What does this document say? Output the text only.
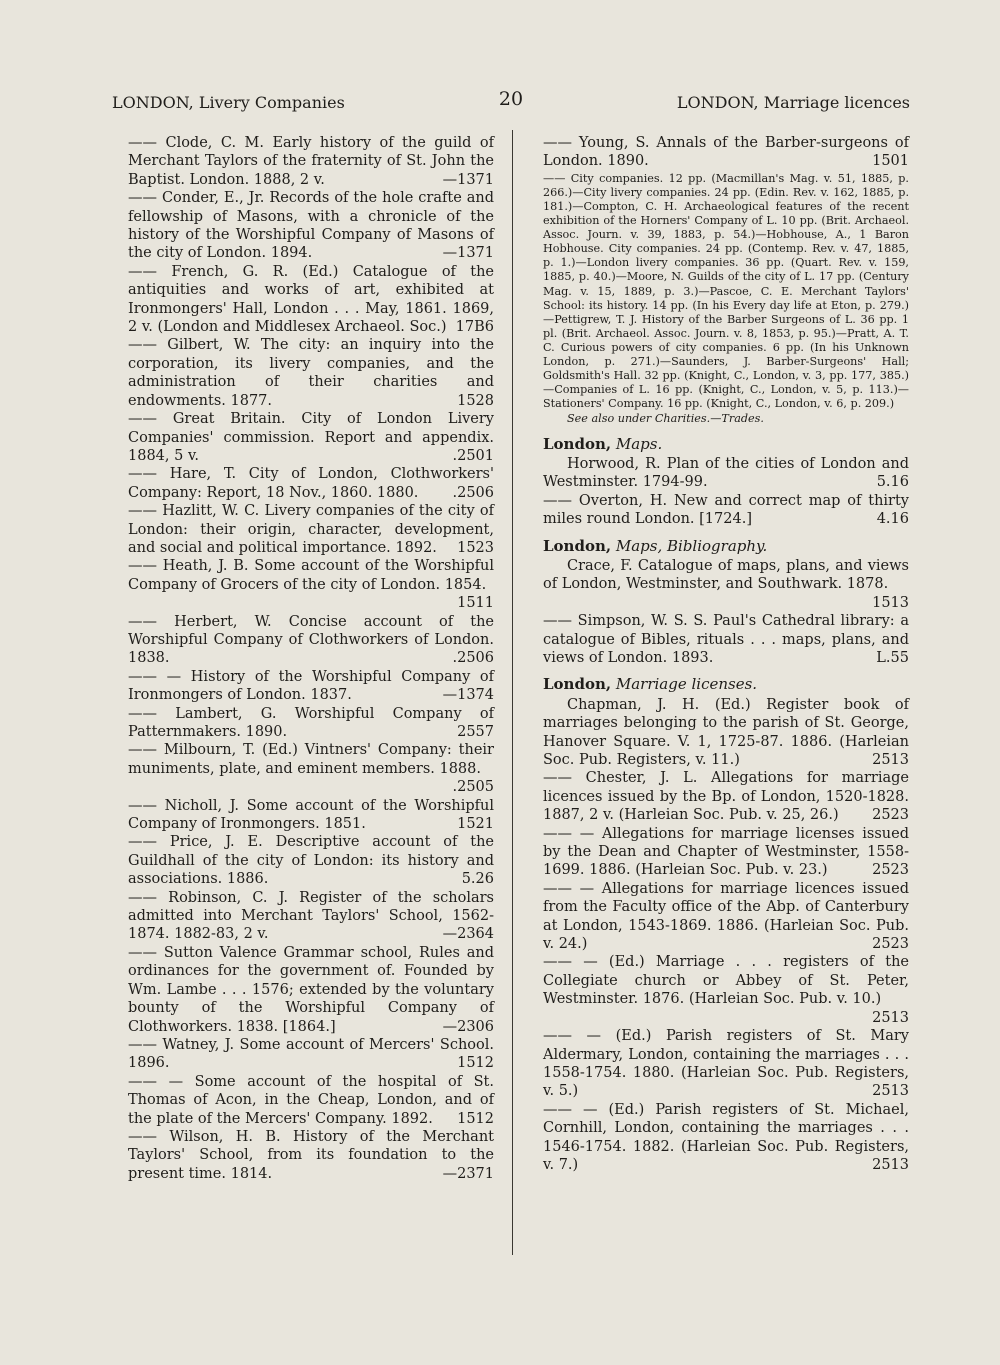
LONDON, Livery Companies	20	LONDON, Marriage licences
—— Clode, C. M. Early history of the guild of Merchant Taylors of the fraternity of St. John the Baptist. London. 1888, 2 v.	—1371
—— Conder, E., Jr. Records of the hole crafte and fellowship of Masons, with a chronicle of the history of the Worshipful Company of Masons of the city of London. 1894.	—1371
—— French, G. R. (Ed.) Catalogue of the antiquities and works of art, exhibited at Ironmongers' Hall, London . . . May, 1861. 1869, 2 v. (London and Middlesex Archaeol. Soc.) 17B6
—— Gilbert, W. The city: an inquiry into the corporation, its livery companies, and the administration of their charities and endowments. 1877.	1528
—— Great Britain. City of London Livery Companies' commission. Report and appendix. 1884, 5 v.	.2501
—— Hare, T. City of London, Clothworkers' Company: Report, 18 Nov., 1860. 1880. .2506
—— Hazlitt, W. C. Livery companies of the city of London: their origin, character, development, and social and political importance. 1892. 1523
—— Heath, J. B. Some account of the Worshipful Company of Grocers of the city of London. 1854.
1511
—— Herbert, W. Concise account of the Worshipful Company of Clothworkers of London. 1838.	.2506
—— — History of the Worshipful Company of Ironmongers of London. 1837.	—1374
—— Lambert, G. Worshipful Company of Patternmakers. 1890.	2557
—— Milbourn, T. (Ed.) Vintners' Company: their muniments, plate, and eminent members. 1888.
.2505
—— Nicholl, J. Some account of the Worshipful Company of Ironmongers. 1851.	1521
—— Price, J. E. Descriptive account of the Guildhall of the city of London: its history and associations. 1886.	5.26
—— Robinson, C. J. Register of the scholars admitted into Merchant Taylors' School, 1562-1874. 1882-83, 2 v.	—2364
—— Sutton Valence Grammar school, Rules and ordinances for the government of. Founded by Wm. Lambe . . . 1576; extended by the voluntary bounty of the Worshipful Company of Clothworkers. 1838. [1864.]	—2306
—— Watney, J. Some account of Mercers' School. 1896.	1512
—— — Some account of the hospital of St. Thomas of Acon, in the Cheap, London, and of the plate of the Mercers' Company. 1892. 1512
—— Wilson, H. B. History of the Merchant Taylors' School, from its foundation to the present time. 1814.	—2371
—— Young, S. Annals of the Barber-surgeons of London. 1890.	1501
—— City companies. 12 pp. (Macmillan's Mag. v. 51, 1885, p. 266.)—City livery companies. 24 pp. (Edin. Rev. v. 162, 1885, p. 181.)—Compton, C. H. Archaeological features of the recent exhibition of the Horners' Company of L. 10 pp. (Brit. Archaeol. Assoc. Journ. v. 39, 1883, p. 54.)—Hobhouse, A., 1 Baron Hobhouse. City companies. 24 pp. (Contemp. Rev. v. 47, 1885, p. 1.)—London livery companies. 36 pp. (Quart. Rev. v. 159, 1885, p. 40.)—Moore, N. Guilds of the city of L. 17 pp. (Century Mag. v. 15, 1889, p. 3.)—Pascoe, C. E. Merchant Taylors' School: its history. 14 pp. (In his Every day life at Eton, p. 279.)—Pettigrew, T. J. History of the Barber Surgeons of L. 36 pp. 1 pl. (Brit. Archaeol. Assoc. Journ. v. 8, 1853, p. 95.)—Pratt, A. T. C. Curious powers of city companies. 6 pp. (In his Unknown London, p. 271.)—Saunders, J. Barber-Surgeons' Hall; Goldsmith's Hall. 32 pp. (Knight, C., London, v. 3, pp. 177, 385.)—Companies of L. 16 pp. (Knight, C., London, v. 5, p. 113.)—Stationers' Company. 16 pp. (Knight, C., London, v. 6, p. 209.)
See also under Charities.—Trades.
London, Maps.
Horwood, R. Plan of the cities of London and Westminster. 1794-99.	5.16
—— Overton, H. New and correct map of thirty miles round London. [1724.]	4.16
London, Maps, Bibliography.
Crace, F. Catalogue of maps, plans, and views of London, Westminster, and Southwark. 1878.
1513
—— Simpson, W. S. S. Paul's Cathedral library: a catalogue of Bibles, rituals . . . maps, plans, and views of London. 1893.	L.55
London, Marriage licenses.
Chapman, J. H. (Ed.) Register book of marriages belonging to the parish of St. George, Hanover Square. V. 1, 1725-87. 1886. (Harleian Soc. Pub. Registers, v. 11.)	2513
—— Chester, J. L. Allegations for marriage licences issued by the Bp. of London, 1520-1828. 1887, 2 v. (Harleian Soc. Pub. v. 25, 26.) 2523
—— — Allegations for marriage licenses issued by the Dean and Chapter of Westminster, 1558-1699. 1886. (Harleian Soc. Pub. v. 23.)	2523
—— — Allegations for marriage licences issued from the Faculty office of the Abp. of Canterbury at London, 1543-1869. 1886. (Harleian Soc. Pub. v. 24.)	2523
—— — (Ed.) Marriage . . . registers of the Collegiate church or Abbey of St. Peter, Westminster. 1876. (Harleian Soc. Pub. v. 10.)
2513
—— — (Ed.) Parish registers of St. Mary Aldermary, London, containing the marriages . . . 1558-1754. 1880. (Harleian Soc. Pub. Registers, v. 5.)	2513
—— — (Ed.) Parish registers of St. Michael, Cornhill, London, containing the marriages . . . 1546-1754. 1882. (Harleian Soc. Pub. Registers, v. 7.)	2513
